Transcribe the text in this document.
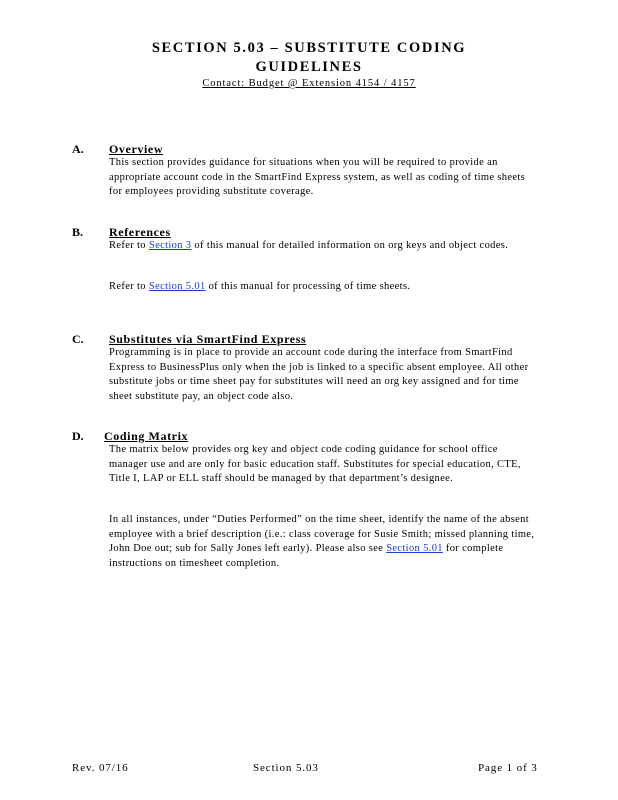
SECTION 5.03 – SUBSTITUTE CODING
GUIDELINES
Contact: Budget @ Extension 4154 / 4157
A. Overview
This section provides guidance for situations when you will be required to provide an appropriate account code in the SmartFind Express system, as well as coding of time sheets for employees providing substitute coverage.
B. References
Refer to Section 3 of this manual for detailed information on org keys and object codes.
Refer to Section 5.01 of this manual for processing of time sheets.
C. Substitutes via SmartFind Express
Programming is in place to provide an account code during the interface from SmartFind Express to BusinessPlus only when the job is linked to a specific absent employee. All other substitute jobs or time sheet pay for substitutes will need an org key assigned and for time sheet substitute pay, an object code also.
D. Coding Matrix
The matrix below provides org key and object code coding guidance for school office manager use and are only for basic education staff. Substitutes for special education, CTE, Title I, LAP or ELL staff should be managed by that department’s designee.
In all instances, under “Duties Performed” on the time sheet, identify the name of the absent employee with a brief description (i.e.: class coverage for Susie Smith; missed planning time, John Doe out; sub for Sally Jones left early). Please also see Section 5.01 for complete instructions on timesheet completion.
Rev. 07/16	Section 5.03	Page 1 of 3
